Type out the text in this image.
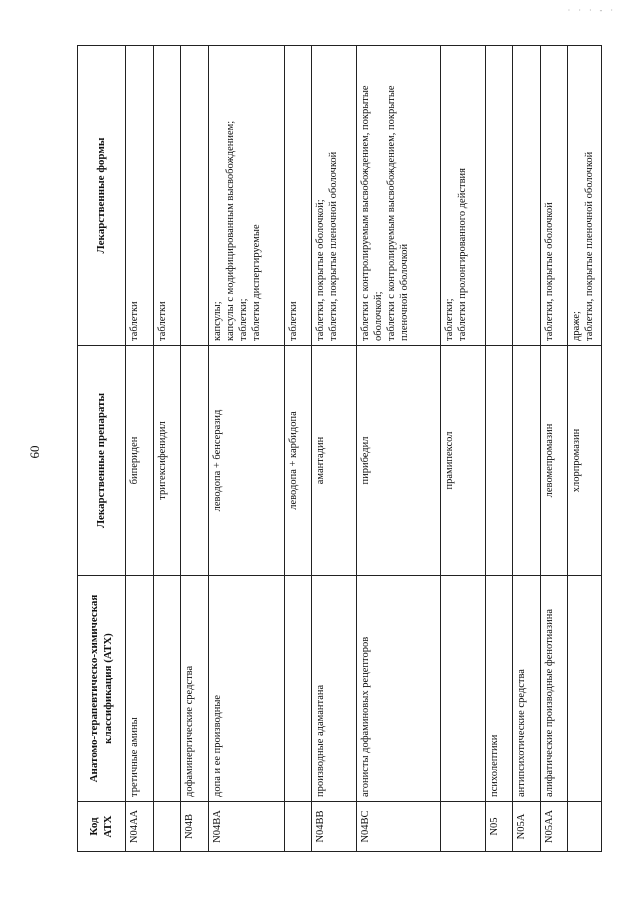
· · · - ·
60
Код АТХ	Анатомо-терапевтическо-химическая классификация (АТХ)	Лекарственные препараты	Лекарственные формы
N04AA	третичные амины	бипериден	таблетки

		тригексифенидил	таблетки

N04B	дофаминергические средства		
N04BA	допа и ее производные	леводопа + бенсеразид	капсулы; капсулы с модифицированным высвобождением; таблетки; таблетки диспергируемые

		леводопа + карбидопа	таблетки

N04BB	производные адамантана	амантадин	таблетки, покрытые оболочкой; таблетки, покрытые пленочной оболочкой

N04BC	агонисты дофаминовых рецепторов	пирибедил	таблетки с контролируемым высвобождением, покрытые оболочкой; таблетки с контролируемым высвобождением, покрытые пленочной оболочкой

		прамипексол	таблетки; таблетки пролонгированного действия

N05	психолептики		
N05A	антипсихотические средства		
N05AA	алифатические производные фенотиазина	левомепромазин	таблетки, покрытые оболочкой

		хлорпромазин	драже; таблетки, покрытые пленочной оболочкой
